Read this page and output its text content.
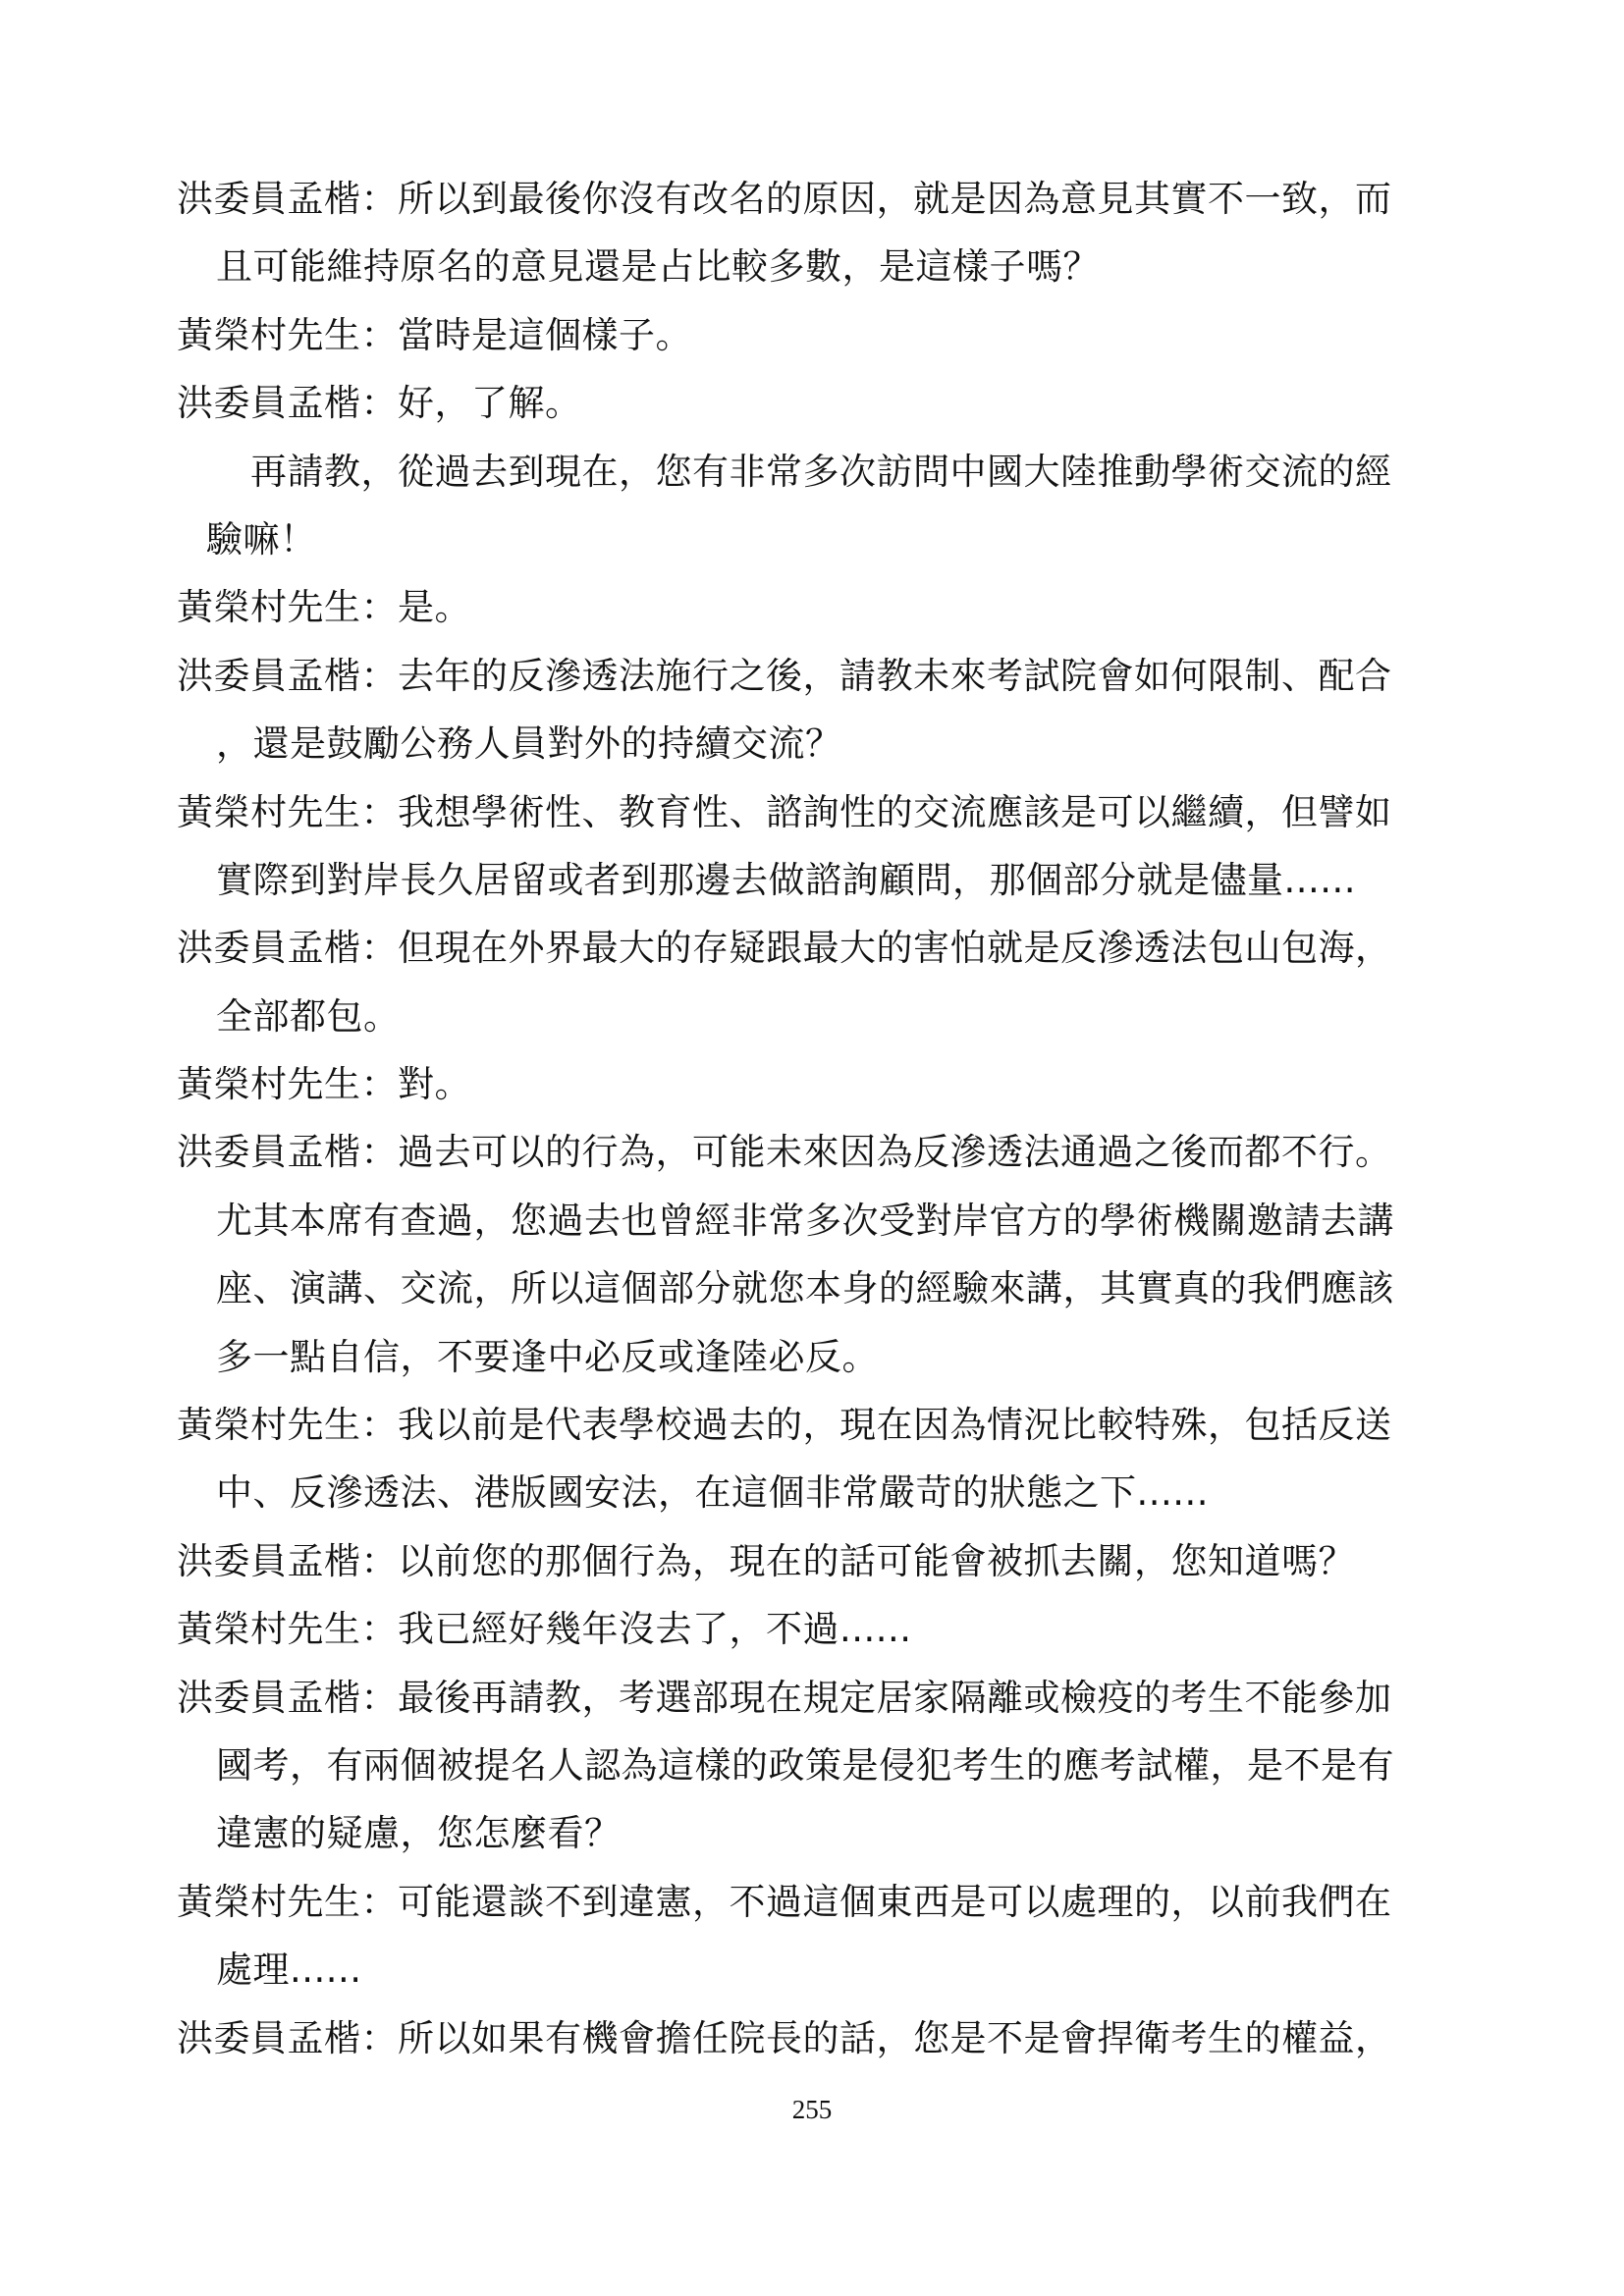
洪委員孟楷：所以到最後你沒有改名的原因，就是因為意見其實不一致，而
且可能維持原名的意見還是占比較多數，是這樣子嗎？
黃榮村先生：當時是這個樣子。
洪委員孟楷：好，了解。
再請教，從過去到現在，您有非常多次訪問中國大陸推動學術交流的經
驗嘛！
黃榮村先生：是。
洪委員孟楷：去年的反滲透法施行之後，請教未來考試院會如何限制、配合
，還是鼓勵公務人員對外的持續交流？
黃榮村先生：我想學術性、教育性、諮詢性的交流應該是可以繼續，但譬如
實際到對岸長久居留或者到那邊去做諮詢顧問，那個部分就是儘量......
洪委員孟楷：但現在外界最大的存疑跟最大的害怕就是反滲透法包山包海，
全部都包。
黃榮村先生：對。
洪委員孟楷：過去可以的行為，可能未來因為反滲透法通過之後而都不行。
尤其本席有查過，您過去也曾經非常多次受對岸官方的學術機關邀請去講
座、演講、交流，所以這個部分就您本身的經驗來講，其實真的我們應該
多一點自信，不要逢中必反或逢陸必反。
黃榮村先生：我以前是代表學校過去的，現在因為情況比較特殊，包括反送
中、反滲透法、港版國安法，在這個非常嚴苛的狀態之下......
洪委員孟楷：以前您的那個行為，現在的話可能會被抓去關，您知道嗎？
黃榮村先生：我已經好幾年沒去了，不過......
洪委員孟楷：最後再請教，考選部現在規定居家隔離或檢疫的考生不能參加
國考，有兩個被提名人認為這樣的政策是侵犯考生的應考試權，是不是有
違憲的疑慮，您怎麼看？
黃榮村先生：可能還談不到違憲，不過這個東西是可以處理的，以前我們在
處理......
洪委員孟楷：所以如果有機會擔任院長的話，您是不是會捍衛考生的權益，
255
